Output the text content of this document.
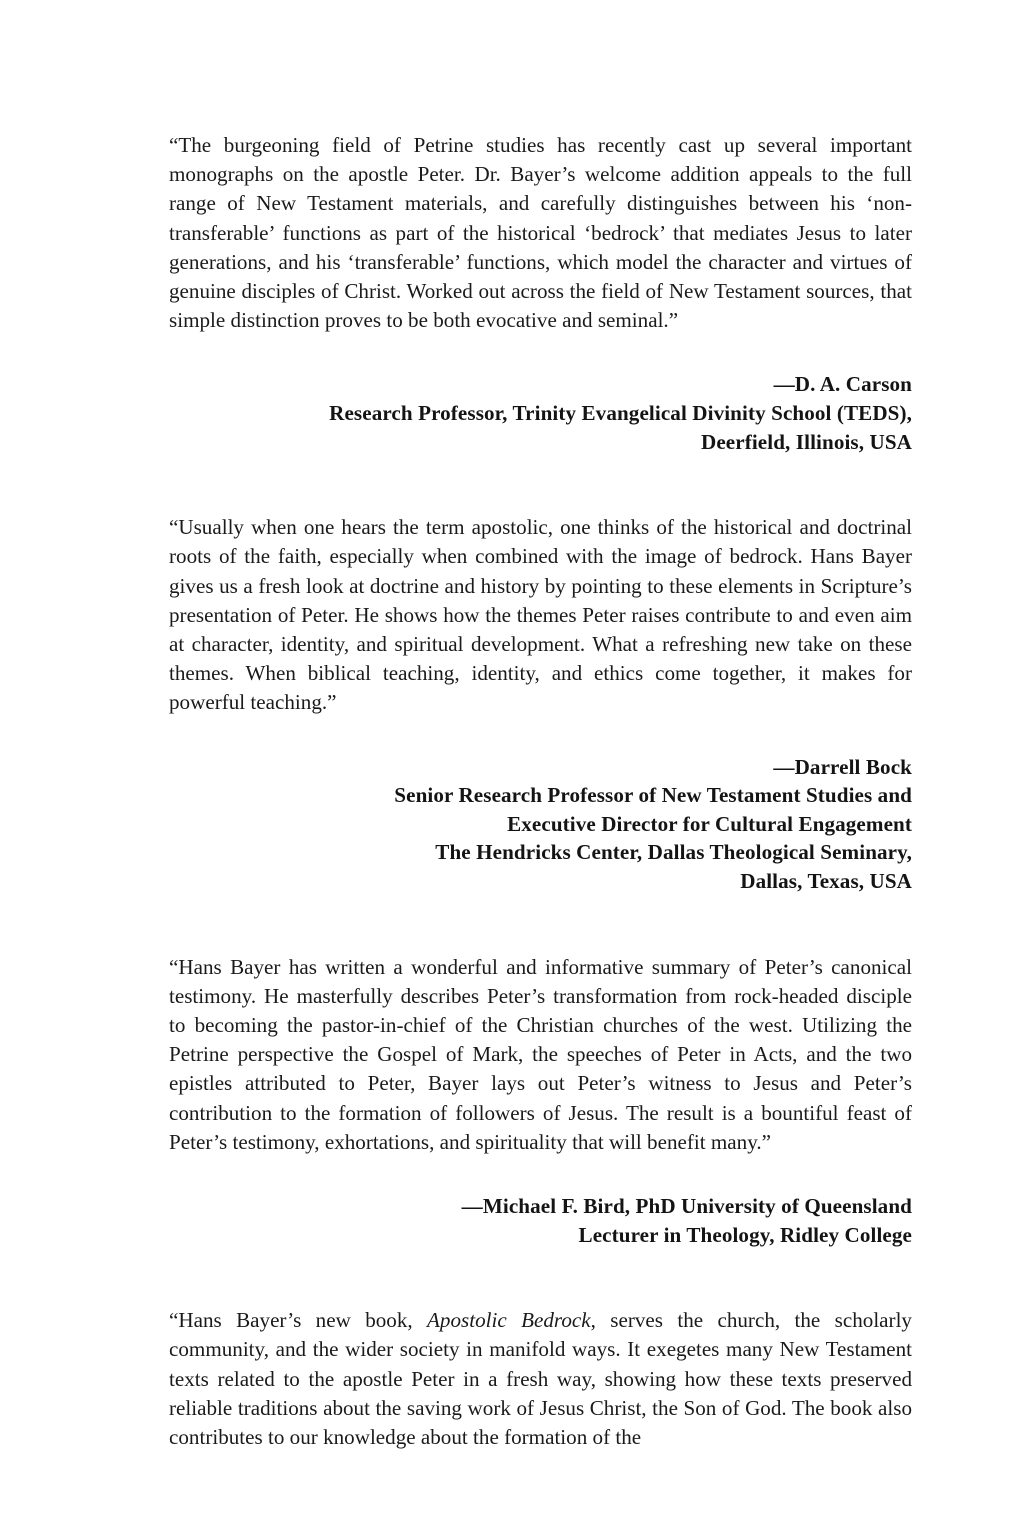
“The burgeoning field of Petrine studies has recently cast up several important monographs on the apostle Peter. Dr. Bayer’s welcome addition appeals to the full range of New Testament materials, and carefully distinguishes between his ‘non-transferable’ functions as part of the historical ‘bedrock’ that mediates Jesus to later generations, and his ‘transferable’ functions, which model the character and virtues of genuine disciples of Christ. Worked out across the field of New Testament sources, that simple distinction proves to be both evocative and seminal.”

—D. A. Carson
Research Professor, Trinity Evangelical Divinity School (TEDS),
Deerfield, Illinois, USA

“Usually when one hears the term apostolic, one thinks of the historical and doctrinal roots of the faith, especially when combined with the image of bedrock. Hans Bayer gives us a fresh look at doctrine and history by pointing to these elements in Scripture’s presentation of Peter. He shows how the themes Peter raises contribute to and even aim at character, identity, and spiritual development. What a refreshing new take on these themes. When biblical teaching, identity, and ethics come together, it makes for powerful teaching.”

—Darrell Bock
Senior Research Professor of New Testament Studies and
Executive Director for Cultural Engagement
The Hendricks Center, Dallas Theological Seminary,
Dallas, Texas, USA

“Hans Bayer has written a wonderful and informative summary of Peter’s canonical testimony. He masterfully describes Peter’s transformation from rock-headed disciple to becoming the pastor-in-chief of the Christian churches of the west. Utilizing the Petrine perspective the Gospel of Mark, the speeches of Peter in Acts, and the two epistles attributed to Peter, Bayer lays out Peter’s witness to Jesus and Peter’s contribution to the formation of followers of Jesus. The result is a bountiful feast of Peter’s testimony, exhortations, and spirituality that will benefit many.”

—Michael F. Bird, PhD University of Queensland
Lecturer in Theology, Ridley College

“Hans Bayer’s new book, Apostolic Bedrock, serves the church, the scholarly community, and the wider society in manifold ways. It exegetes many New Testament texts related to the apostle Peter in a fresh way, showing how these texts preserved reliable traditions about the saving work of Jesus Christ, the Son of God. The book also contributes to our knowledge about the formation of the
